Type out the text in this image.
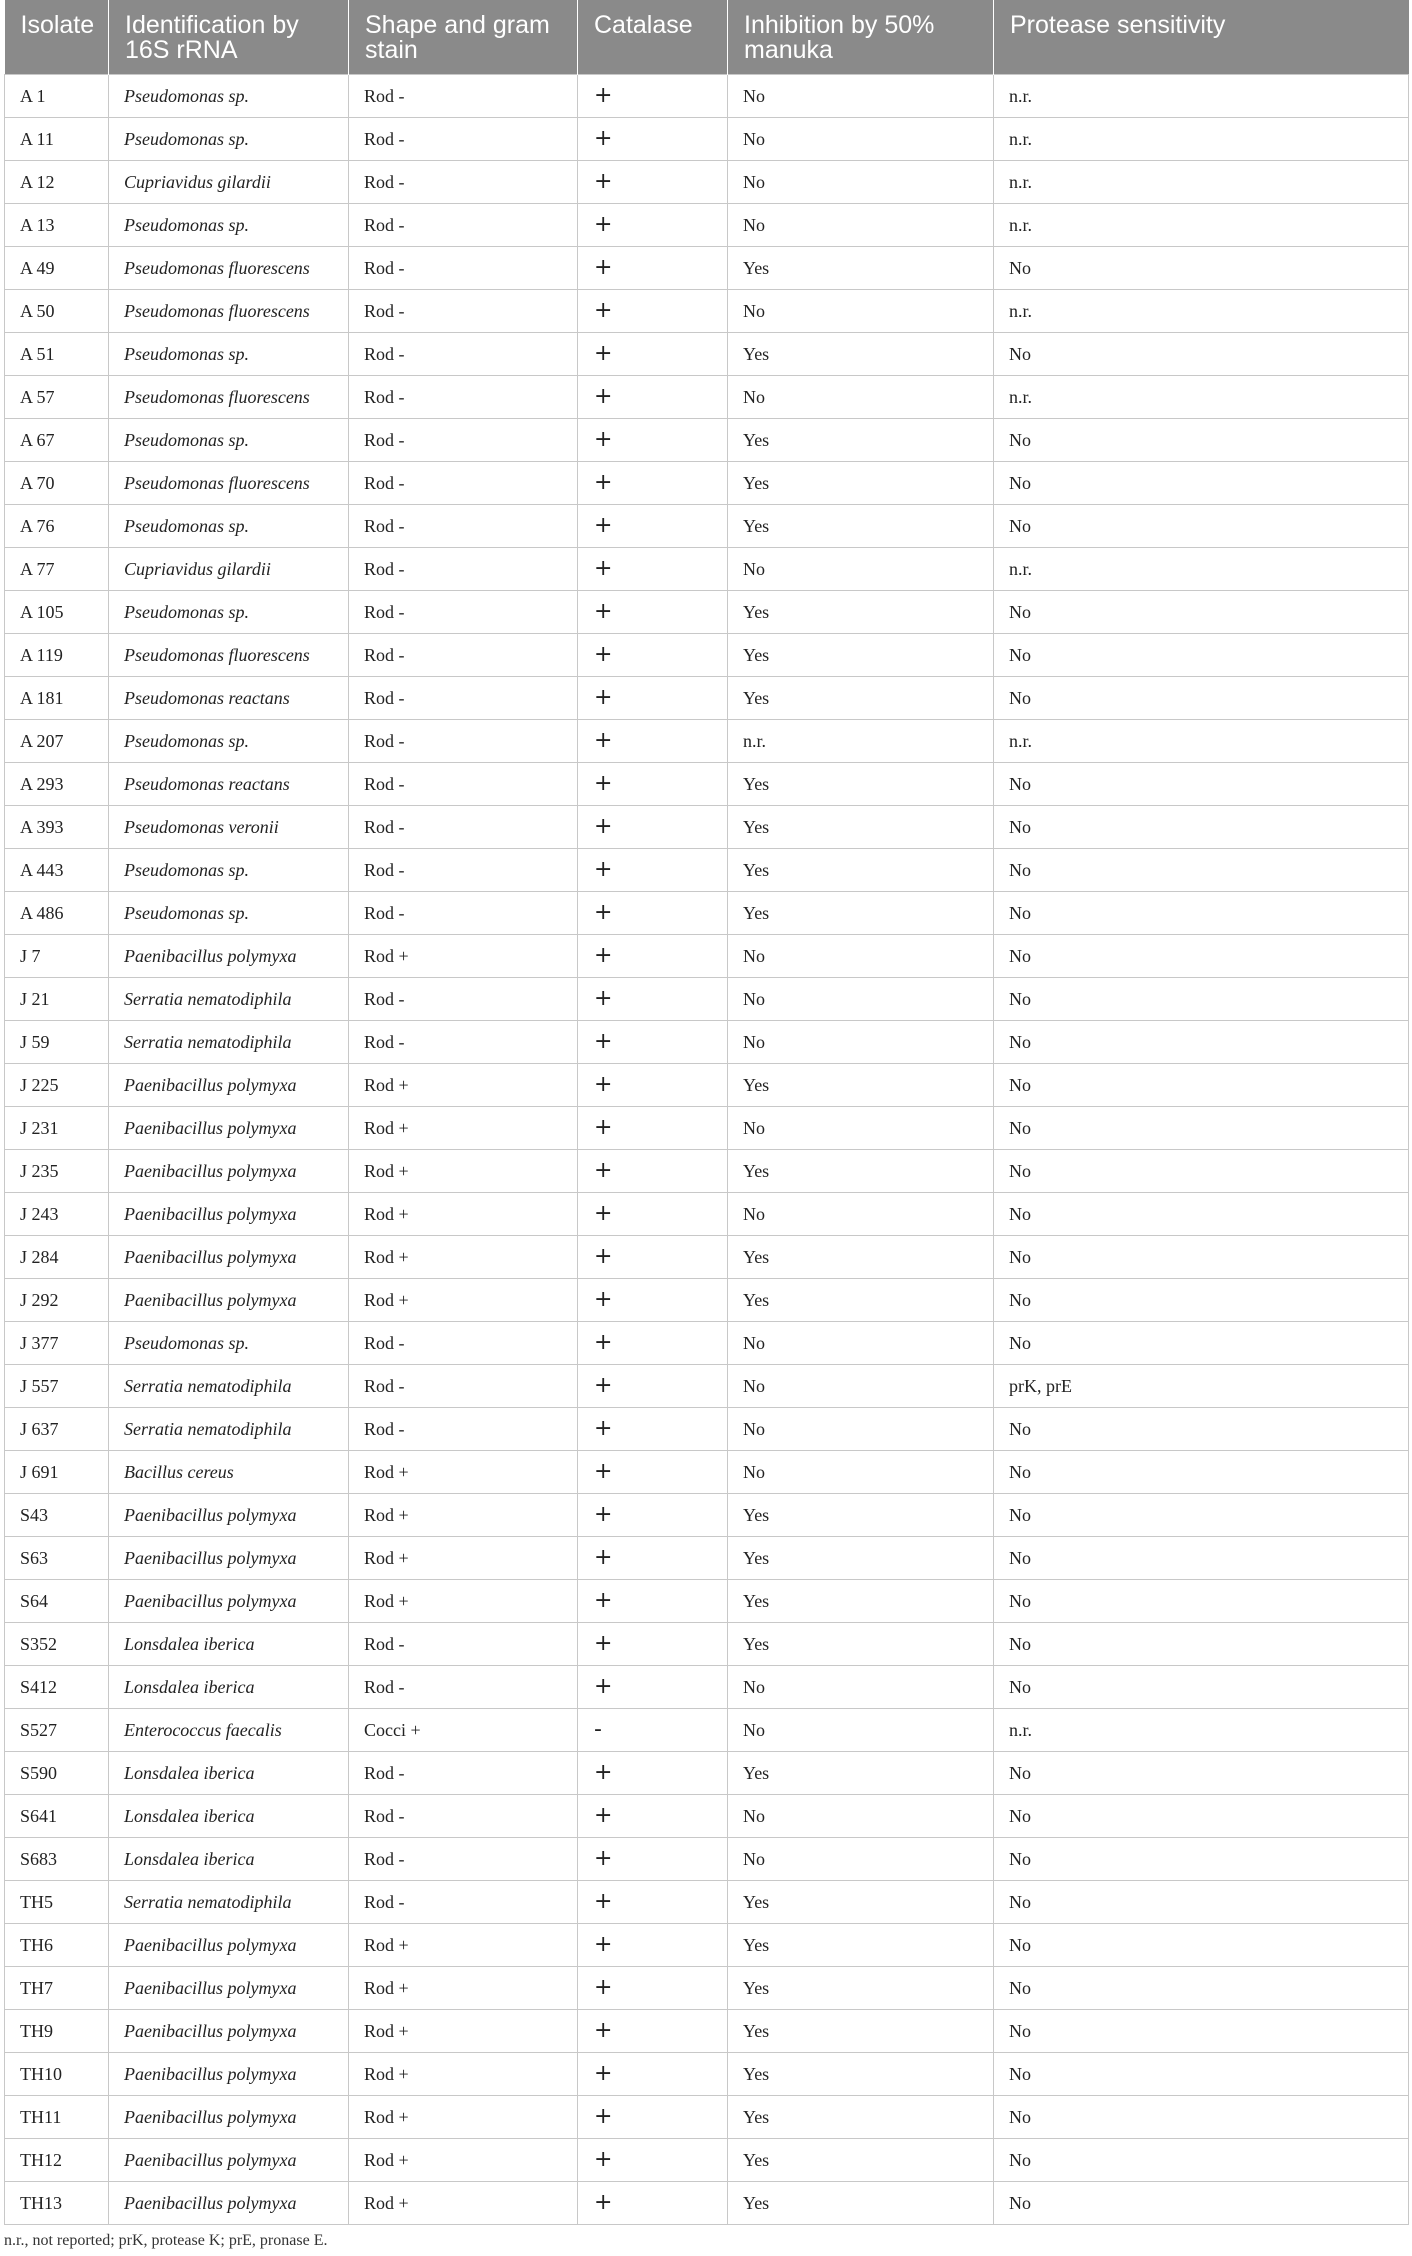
Isolate	Identification by 16S rRNA	Shape and gram stain	Catalase	Inhibition by 50% manuka	Protease sensitivity
A 1	Pseudomonas sp.	Rod -	+	No	n.r.
A 11	Pseudomonas sp.	Rod -	+	No	n.r.
A 12	Cupriavidus gilardii	Rod -	+	No	n.r.
A 13	Pseudomonas sp.	Rod -	+	No	n.r.
A 49	Pseudomonas fluorescens	Rod -	+	Yes	No
A 50	Pseudomonas fluorescens	Rod -	+	No	n.r.
A 51	Pseudomonas sp.	Rod -	+	Yes	No
A 57	Pseudomonas fluorescens	Rod -	+	No	n.r.
A 67	Pseudomonas sp.	Rod -	+	Yes	No
A 70	Pseudomonas fluorescens	Rod -	+	Yes	No
A 76	Pseudomonas sp.	Rod -	+	Yes	No
A 77	Cupriavidus gilardii	Rod -	+	No	n.r.
A 105	Pseudomonas sp.	Rod -	+	Yes	No
A 119	Pseudomonas fluorescens	Rod -	+	Yes	No
A 181	Pseudomonas reactans	Rod -	+	Yes	No
A 207	Pseudomonas sp.	Rod -	+	n.r.	n.r.
A 293	Pseudomonas reactans	Rod -	+	Yes	No
A 393	Pseudomonas veronii	Rod -	+	Yes	No
A 443	Pseudomonas sp.	Rod -	+	Yes	No
A 486	Pseudomonas sp.	Rod -	+	Yes	No
J 7	Paenibacillus polymyxa	Rod +	+	No	No
J 21	Serratia nematodiphila	Rod -	+	No	No
J 59	Serratia nematodiphila	Rod -	+	No	No
J 225	Paenibacillus polymyxa	Rod +	+	Yes	No
J 231	Paenibacillus polymyxa	Rod +	+	No	No
J 235	Paenibacillus polymyxa	Rod +	+	Yes	No
J 243	Paenibacillus polymyxa	Rod +	+	No	No
J 284	Paenibacillus polymyxa	Rod +	+	Yes	No
J 292	Paenibacillus polymyxa	Rod +	+	Yes	No
J 377	Pseudomonas sp.	Rod -	+	No	No
J 557	Serratia nematodiphila	Rod -	+	No	prK, prE
J 637	Serratia nematodiphila	Rod -	+	No	No
J 691	Bacillus cereus	Rod +	+	No	No
S43	Paenibacillus polymyxa	Rod +	+	Yes	No
S63	Paenibacillus polymyxa	Rod +	+	Yes	No
S64	Paenibacillus polymyxa	Rod +	+	Yes	No
S352	Lonsdalea iberica	Rod -	+	Yes	No
S412	Lonsdalea iberica	Rod -	+	No	No
S527	Enterococcus faecalis	Cocci +	-	No	n.r.
S590	Lonsdalea iberica	Rod -	+	Yes	No
S641	Lonsdalea iberica	Rod -	+	No	No
S683	Lonsdalea iberica	Rod -	+	No	No
TH5	Serratia nematodiphila	Rod -	+	Yes	No
TH6	Paenibacillus polymyxa	Rod +	+	Yes	No
TH7	Paenibacillus polymyxa	Rod +	+	Yes	No
TH9	Paenibacillus polymyxa	Rod +	+	Yes	No
TH10	Paenibacillus polymyxa	Rod +	+	Yes	No
TH11	Paenibacillus polymyxa	Rod +	+	Yes	No
TH12	Paenibacillus polymyxa	Rod +	+	Yes	No
TH13	Paenibacillus polymyxa	Rod +	+	Yes	No
n.r., not reported; prK, protease K; prE, pronase E.
